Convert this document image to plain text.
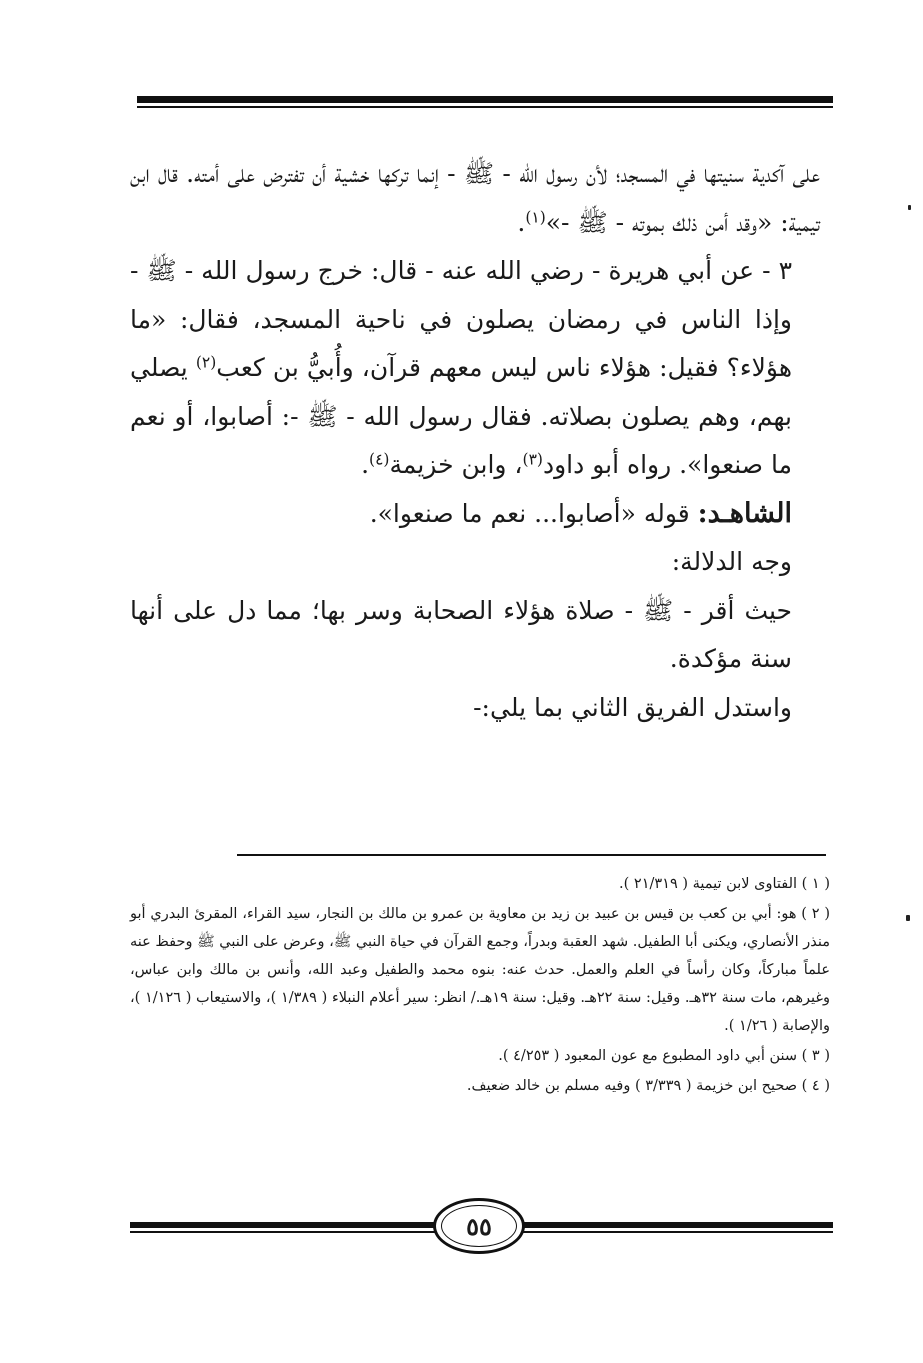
على آكدية سنيتها في المسجد؛ لأن رسول الله - ﷺ - إنما تركها خشية أن تفترض على أمته. قال ابن تيمية: «وقد أمن ذلك بموته - ﷺ -»$^{(١)}$.

٣ - عن أبي هريرة - رضي الله عنه - قال: خرج رسول الله - ﷺ - وإذا الناس في رمضان يصلون في ناحية المسجد، فقال: «ما هؤلاء؟ فقيل: هؤلاء ناس ليس معهم قرآن، وأُبيُّ بن كعب$^{(٢)}$ يصلي بهم، وهم يصلون بصلاته. فقال رسول الله - ﷺ -: أصابوا، أو نعم ما صنعوا». رواه أبو داود$^{(٣)}$، وابن خزيمة$^{(٤)}$.

الشاهـد: قوله «أصابوا... نعم ما صنعوا».

وجه الدلالة:

حيث أقر - ﷺ - صلاة هؤلاء الصحابة وسر بها؛ مما دل على أنها سنة مؤكدة.

واستدل الفريق الثاني بما يلي:-

( ١ ) الفتاوى لابن تيمية ( ٢١/٣١٩ ).

( ٢ ) هو: أبي بن كعب بن قيس بن عبيد بن زيد بن معاوية بن عمرو بن مالك بن النجار، سيد القراء، المقرئ البدري أبو منذر الأنصاري، ويكنى أبا الطفيل. شهد العقبة وبدراً، وجمع القرآن في حياة النبي ﷺ، وعرض على النبي ﷺ وحفظ عنه علماً مباركاً، وكان رأساً في العلم والعمل. حدث عنه: بنوه محمد والطفيل وعبد الله، وأنس بن مالك وابن عباس، وغيرهم، مات سنة ٣٢هـ. وقيل: سنة ٢٢هـ. وقيل: سنة ١٩هـ./ انظر: سير أعلام النبلاء ( ١/٣٨٩ )، والاستيعاب ( ١/١٢٦ )، والإصابة ( ١/٢٦ ).

( ٣ ) سنن أبي داود المطبوع مع عون المعبود ( ٤/٢٥٣ ).

( ٤ ) صحيح ابن خزيمة ( ٣/٣٣٩ ) وفيه مسلم بن خالد ضعيف.

٥٥
